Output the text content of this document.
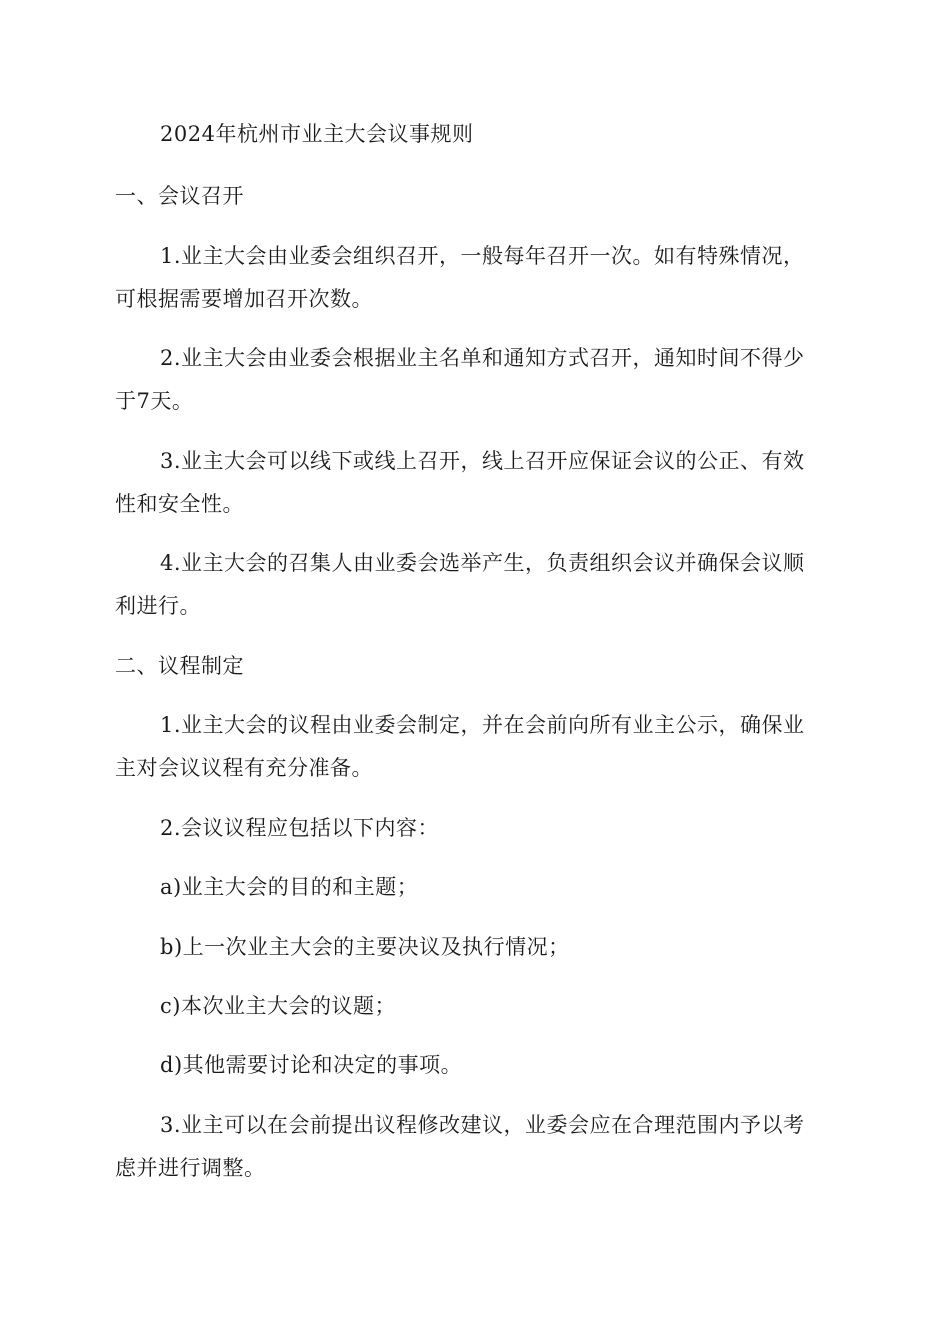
2024年杭州市业主大会议事规则
一、会议召开
1.业主大会由业委会组织召开，一般每年召开一次。如有特殊情况，
可根据需要增加召开次数。
2.业主大会由业委会根据业主名单和通知方式召开，通知时间不得少
于7天。
3.业主大会可以线下或线上召开，线上召开应保证会议的公正、有效
性和安全性。
4.业主大会的召集人由业委会选举产生，负责组织会议并确保会议顺
利进行。
二、议程制定
1.业主大会的议程由业委会制定，并在会前向所有业主公示，确保业
主对会议议程有充分准备。
2.会议议程应包括以下内容：
a)业主大会的目的和主题；
b)上一次业主大会的主要决议及执行情况；
c)本次业主大会的议题；
d)其他需要讨论和决定的事项。
3.业主可以在会前提出议程修改建议，业委会应在合理范围内予以考
虑并进行调整。
